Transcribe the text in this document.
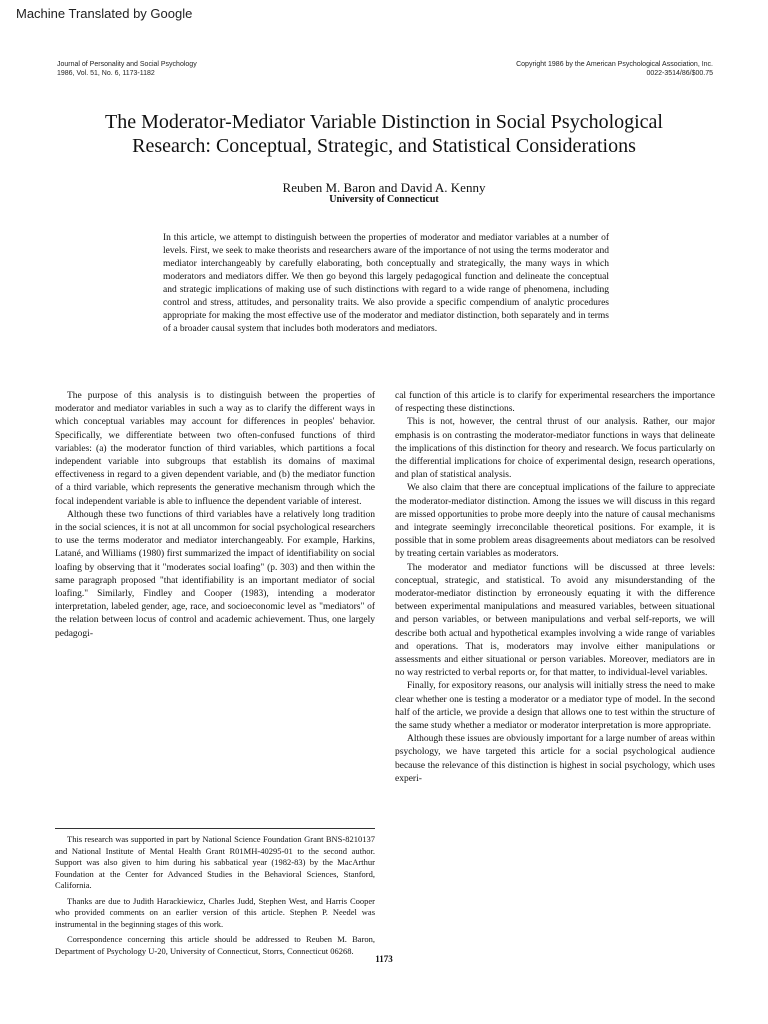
Machine Translated by Google
Journal of Personality and Social Psychology
1986, Vol. 51, No. 6, 1173-1182
Copyright 1986 by the American Psychological Association, Inc.
0022-3514/86/$00.75
The Moderator-Mediator Variable Distinction in Social Psychological
Research: Conceptual, Strategic, and Statistical Considerations
Reuben M. Baron and David A. Kenny
University of Connecticut

In this article, we attempt to distinguish between the properties of moderator and mediator variables at a number of levels. First, we seek to make theorists and researchers aware of the importance of not using the terms moderator and mediator interchangeably by carefully elaborating, both conceptually and strategically, the many ways in which moderators and mediators differ. We then go beyond this largely pedagogical function and delineate the conceptual and strategic implications of making use of such distinctions with regard to a wide range of phenomena, including control and stress, attitudes, and personality traits. We also provide a specific compendium of analytic procedures appropriate for making the most effective use of the moderator and mediator distinction, both separately and in terms of a broader causal system that includes both moderators and mediators.

The purpose of this analysis is to distinguish between the properties of moderator and mediator variables in such a way as to clarify the different ways in which conceptual variables may account for differences in peoples' behavior. Specifically, we differentiate between two often-confused functions of third variables: (a) the moderator function of third variables, which partitions a focal independent variable into subgroups that establish its domains of maximal effectiveness in regard to a given dependent variable, and (b) the mediator function of a third variable, which represents the generative mechanism through which the focal independent variable is able to influence the dependent variable of interest.

Although these two functions of third variables have a relatively long tradition in the social sciences, it is not at all uncommon for social psychological researchers to use the terms moderator and mediator interchangeably. For example, Harkins, Latané, and Williams (1980) first summarized the impact of identifiability on social loafing by observing that it "moderates social loafing" (p. 303) and then within the same paragraph proposed "that identifiability is an important mediator of social loafing." Similarly, Findley and Cooper (1983), intending a moderator interpretation, labeled gender, age, race, and socioeconomic level as "mediators" of the relation between locus of control and academic achievement. Thus, one largely pedagogi-

This research was supported in part by National Science Foundation Grant BNS-8210137 and National Institute of Mental Health Grant R01MH-40295-01 to the second author. Support was also given to him during his sabbatical year (1982-83) by the MacArthur Foundation at the Center for Advanced Studies in the Behavioral Sciences, Stanford, California.

Thanks are due to Judith Harackiewicz, Charles Judd, Stephen West, and Harris Cooper who provided comments on an earlier version of this article. Stephen P. Needel was instrumental in the beginning stages of this work.

Correspondence concerning this article should be addressed to Reuben M. Baron, Department of Psychology U-20, University of Connecticut, Storrs, Connecticut 06268.

cal function of this article is to clarify for experimental researchers the importance of respecting these distinctions.

This is not, however, the central thrust of our analysis. Rather, our major emphasis is on contrasting the moderator-mediator functions in ways that delineate the implications of this distinction for theory and research. We focus particularly on the differential implications for choice of experimental design, research operations, and plan of statistical analysis.

We also claim that there are conceptual implications of the failure to appreciate the moderator-mediator distinction. Among the issues we will discuss in this regard are missed opportunities to probe more deeply into the nature of causal mechanisms and integrate seemingly irreconcilable theoretical positions. For example, it is possible that in some problem areas disagreements about mediators can be resolved by treating certain variables as moderators.

The moderator and mediator functions will be discussed at three levels: conceptual, strategic, and statistical. To avoid any misunderstanding of the moderator-mediator distinction by erroneously equating it with the difference between experimental manipulations and measured variables, between situational and person variables, or between manipulations and verbal self-reports, we will describe both actual and hypothetical examples involving a wide range of variables and operations. That is, moderators may involve either manipulations or assessments and either situational or person variables. Moreover, mediators are in no way restricted to verbal reports or, for that matter, to individual-level variables.

Finally, for expository reasons, our analysis will initially stress the need to make clear whether one is testing a moderator or a mediator type of model. In the second half of the article, we provide a design that allows one to test within the structure of the same study whether a mediator or moderator interpretation is more appropriate.

Although these issues are obviously important for a large number of areas within psychology, we have targeted this article for a social psychological audience because the relevance of this distinction is highest in social psychology, which uses experi-

1173
